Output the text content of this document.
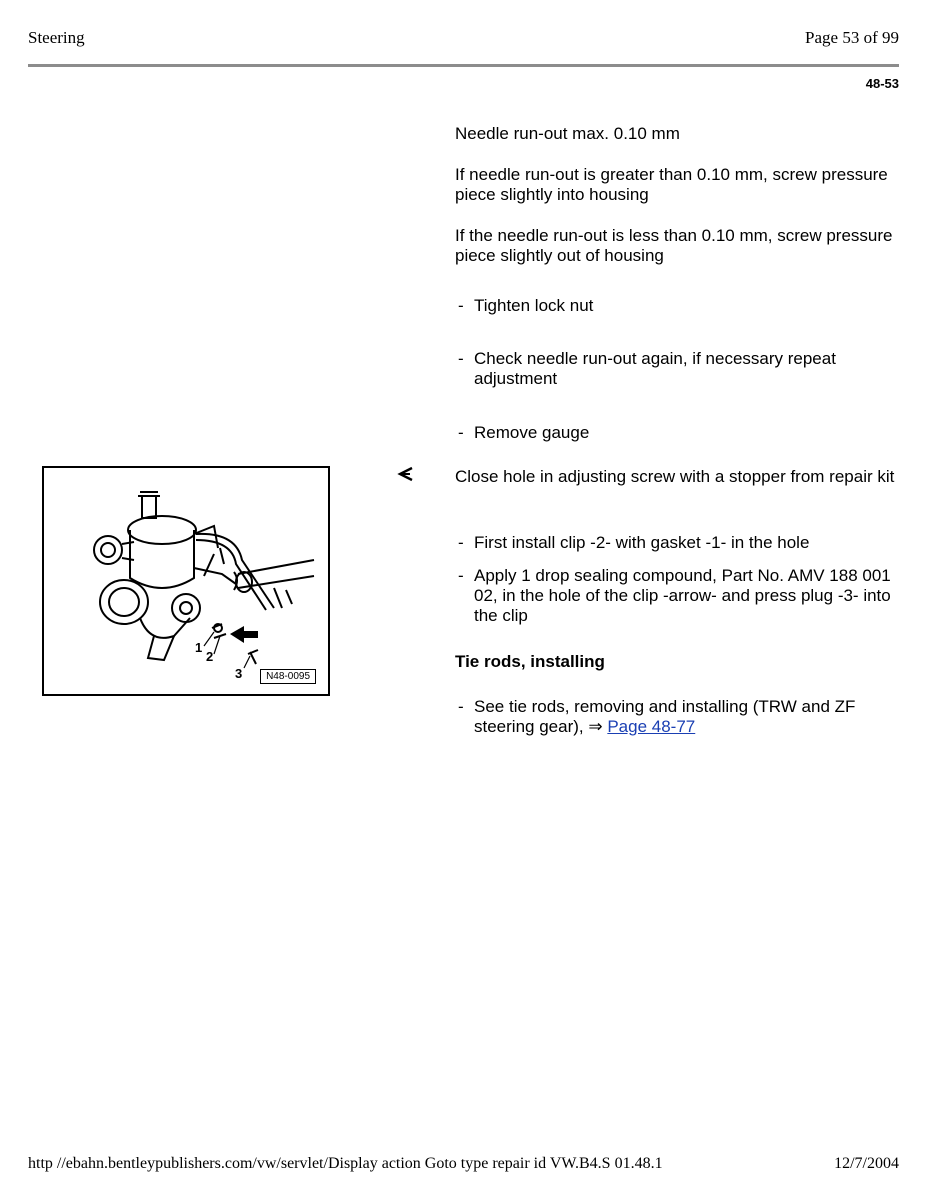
Steering	Page 53 of 99
48-53
Needle run-out max. 0.10 mm
If needle run-out is greater than 0.10 mm, screw pressure piece slightly into housing
If the needle run-out is less than 0.10 mm, screw pressure piece slightly out of housing
- Tighten lock nut
- Check needle run-out again, if necessary repeat adjustment
- Remove gauge
Close hole in adjusting screw with a stopper from repair kit
- First install clip -2- with gasket -1- in the hole
- Apply 1 drop sealing compound, Part No. AMV 188 001 02, in the hole of the clip -arrow- and press plug -3- into the clip
Tie rods, installing
- See tie rods, removing and installing (TRW and ZF steering gear), ⇒ Page 48-77
1
2
3	N48-0095
http //ebahn.bentleypublishers.com/vw/servlet/Display action Goto type repair id VW.B4.S 01.48.1	12/7/2004
